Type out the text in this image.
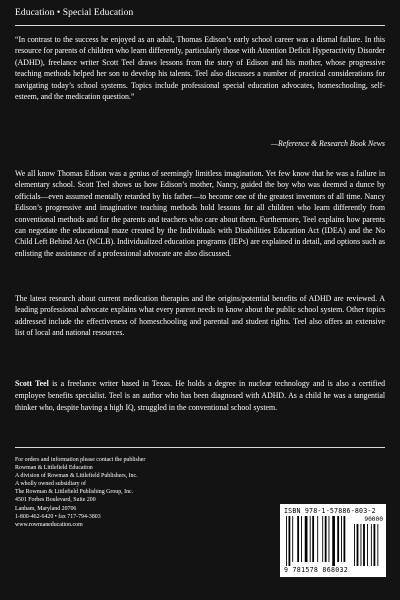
Education • Special Education

“In contrast to the success he enjoyed as an adult, Thomas Edison’s early school career was a dismal failure. In this resource for parents of children who learn differently, particularly those with Attention Deficit Hyperactivity Disorder (ADHD), freelance writer Scott Teel draws lessons from the story of Edison and his mother, whose progressive teaching methods helped her son to develop his talents. Teel also discusses a number of practical considerations for navigating today’s school systems. Topics include professional special education advocates, homeschooling, self-esteem, and the medication question.”

—Reference & Research Book News

We all know Thomas Edison was a genius of seemingly limitless imagination. Yet few know that he was a failure in elementary school. Scott Teel shows us how Edison’s mother, Nancy, guided the boy who was deemed a dunce by officials—even assumed mentally retarded by his father—to become one of the greatest inventors of all time. Nancy Edison’s progressive and imaginative teaching methods hold lessons for all children who learn differently from conventional methods and for the parents and teachers who care about them. Furthermore, Teel explains how parents can negotiate the educational maze created by the Individuals with Disabilities Education Act (IDEA) and the No Child Left Behind Act (NCLB). Individualized education programs (IEPs) are explained in detail, and options such as enlisting the assistance of a professional advocate are also discussed.

The latest research about current medication therapies and the origins/potential benefits of ADHD are reviewed. A leading professional advocate explains what every parent needs to know about the public school system. Other topics addressed include the effectiveness of homeschooling and parental and student rights. Teel also offers an extensive list of local and national resources.

Scott Teel is a freelance writer based in Texas. He holds a degree in nuclear technology and is also a certified employee benefits specialist. Teel is an author who has been diagnosed with ADHD. As a child he was a tangential thinker who, despite having a high IQ, struggled in the conventional school system.

For orders and information please contact the publisher
Rowman & Littlefield Education
A division of Rowman & Littlefield Publishers, Inc.
A wholly owned subsidiary of
The Rowman & Littlefield Publishing Group, Inc.
4501 Forbes Boulevard, Suite 200
Lanham, Maryland 20706
1-800-462-6420 • fax 717-794-3803
www.rowmaneducation.com
ISBN 978-1-57886-803-2
90000
9 781578 868032
